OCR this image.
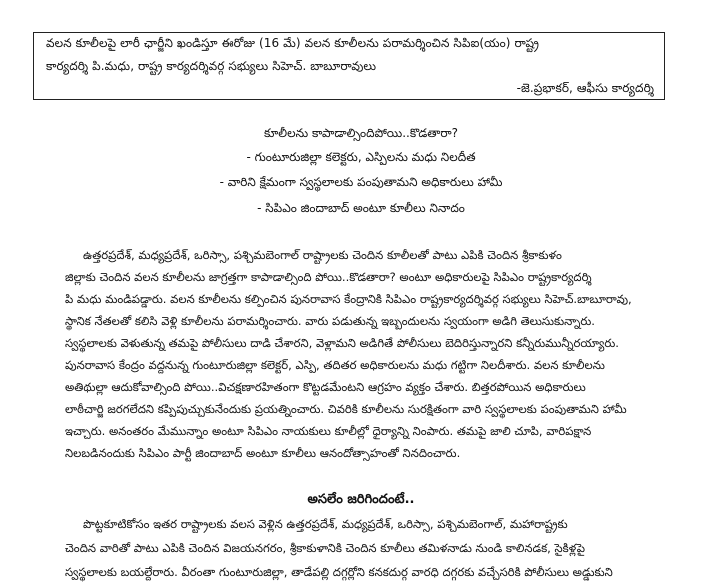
వలన కూలీలపై లారీ ఛార్జీని ఖండిస్తూ ఈరోజు (16 మే) వలన కూలీలను పరామర్శించిన సిపిఐ(యం) రాష్ట్ర
కార్యదర్శి పి.మధు, రాష్ట్ర కార్యదర్శివర్గ సభ్యులు సిహెచ్. బాబూరావులు
-జె.ప్రభాకర్, ఆఫీసు కార్యదర్శి
కూలీలను కాపాడాల్సిందిపోయి..కొడతారా?
- గుంటూరుజిల్లా కలెక్టరు, ఎస్పిలను మధు నిలదీత
- వారిని క్షేమంగా స్వస్థలాలకు పంపుతామని అధికారులు హామీ
- సిపిఎం జిందాబాద్ అంటూ కూలీలు నినాదం
ఉత్తరప్రదేశ్, మధ్యప్రదేశ్, ఒరిస్సా, పశ్చిమబెంగాల్ రాష్ట్రాలకు చెందిన కూలీలతో పాటు ఎపికి చెందిన శ్రీకాకుళం
జిల్లాకు చెందిన వలన కూలీలను జాగ్రత్తగా కాపాడాల్సింది పోయి..కొడతారా? అంటూ అధికారులపై సిపిఎం రాష్ట్రకార్యదర్శి
పి మధు మండిపడ్డారు. వలన కూలీలను కల్పించిన పునరావాస కేంద్రానికి సిపిఎం రాష్ట్రకార్యదర్శివర్గ సభ్యులు సిహెచ్.బాబూరావు,
స్థానిక నేతలతో కలిసి వెళ్లి కూలీలను పరామర్శించారు. వారు పడుతున్న ఇబ్బందులను స్వయంగా అడిగి తెలుసుకున్నారు.
స్వస్థలాలకు వెళుతున్న తమపై పోలీసులు దాడి చేశారని, వెళ్లామని అడిగితే పోలీసులు బెదిరిస్తున్నారని కన్నీరుమున్నీరయ్యారు.
పునరావాస కేంద్రం వద్దనున్న గుంటూరుజిల్లా కలెక్టర్, ఎస్పి, తదితర అధికారులను మధు గట్టిగా నిలదీశారు. వలన కూలీలను
అతిథుల్లా ఆదుకోవాల్సింది పోయి..విచక్షణారహితంగా కొట్టడమేంటని ఆగ్రహం వ్యక్తం చేశారు. బిత్తరపోయిన అధికారులు
లాఠీచార్జి జరగలేదని కప్పిపుచ్చుకునేందుకు ప్రయత్నించారు. చివరికి కూలీలను సురక్షితంగా వారి స్వస్థలాలకు పంపుతామని హామీ
ఇచ్చారు. అనంతరం మేమున్నాం అంటూ సిపిఎం నాయకులు కూలీల్లో ధైర్యాన్ని నింపారు. తమపై జాలి చూపి, వారిపక్షాన
నిలబడినందుకు సిపిఎం పార్టీ జిందాబాద్ అంటూ కూలీలు ఆనందోత్సాహంతో నినదించారు.
అసలేం జరిగిందంటే..
పొట్టకూటికోసం ఇతర రాష్ట్రాలకు వలస వెళ్లిన ఉత్తరప్రదేశ్, మధ్యప్రదేశ్, ఒరిస్సా, పశ్చిమబెంగాల్, మహారాష్ట్రకు
చెందిన వారితో పాటు ఎపికి చెందిన విజయనగరం, శ్రీకాకుళానికి చెందిన కూలీలు తమిళనాడు నుండి కాలినడక, సైకిళ్లపై
స్వస్థలాలకు బయల్దేరారు. వీరంతా గుంటూరుజిల్లా, తాడేపల్లి దగ్గర్లోని కనకదుర్గ వారధి దగ్గరకు వచ్చేసరికి పోలీసులు అడ్డుకుని
